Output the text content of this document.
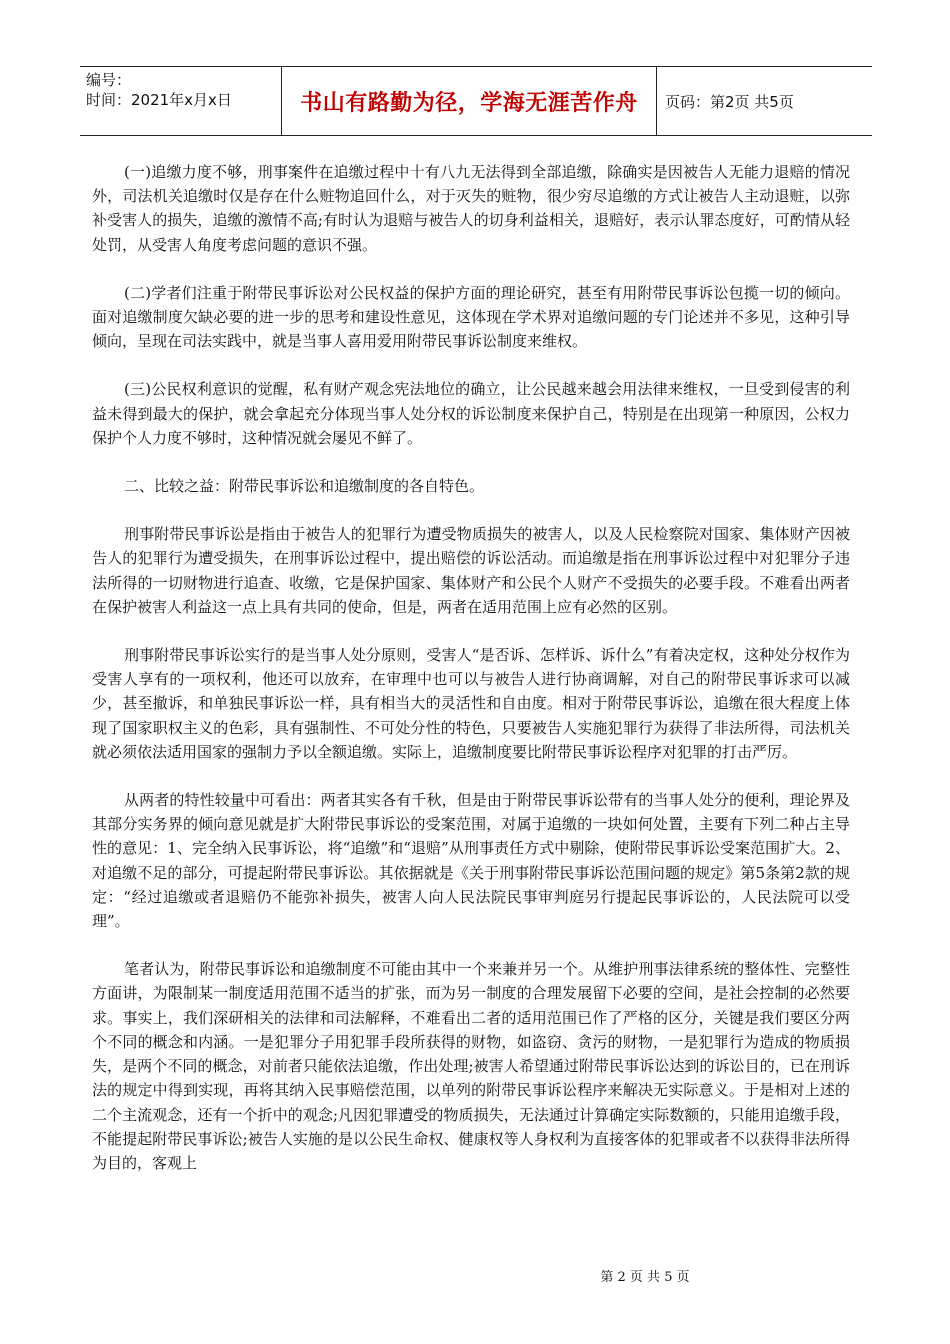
编号：
时间：2021年x月x日	书山有路勤为径，学海无涯苦作舟	页码：第2页 共5页

(一)追缴力度不够，刑事案件在追缴过程中十有八九无法得到全部追缴，除确实是因被告人无能力退赔的情况外，司法机关追缴时仅是存在什么赃物追回什么，对于灭失的赃物，很少穷尽追缴的方式让被告人主动退赃，以弥补受害人的损失，追缴的激情不高;有时认为退赔与被告人的切身利益相关，退赔好，表示认罪态度好，可酌情从轻处罚，从受害人角度考虑问题的意识不强。

(二)学者们注重于附带民事诉讼对公民权益的保护方面的理论研究，甚至有用附带民事诉讼包揽一切的倾向。面对追缴制度欠缺必要的进一步的思考和建设性意见，这体现在学术界对追缴问题的专门论述并不多见，这种引导倾向，呈现在司法实践中，就是当事人喜用爱用附带民事诉讼制度来维权。

(三)公民权利意识的觉醒，私有财产观念宪法地位的确立，让公民越来越会用法律来维权，一旦受到侵害的利益未得到最大的保护，就会拿起充分体现当事人处分权的诉讼制度来保护自己，特别是在出现第一种原因，公权力保护个人力度不够时，这种情况就会屡见不鲜了。

二、比较之益：附带民事诉讼和追缴制度的各自特色。

刑事附带民事诉讼是指由于被告人的犯罪行为遭受物质损失的被害人，以及人民检察院对国家、集体财产因被告人的犯罪行为遭受损失，在刑事诉讼过程中，提出赔偿的诉讼活动。而追缴是指在刑事诉讼过程中对犯罪分子违法所得的一切财物进行追查、收缴，它是保护国家、集体财产和公民个人财产不受损失的必要手段。不难看出两者在保护被害人利益这一点上具有共同的使命，但是，两者在适用范围上应有必然的区别。

刑事附带民事诉讼实行的是当事人处分原则，受害人“是否诉、怎样诉、诉什么”有着决定权，这种处分权作为受害人享有的一项权利，他还可以放弃，在审理中也可以与被告人进行协商调解，对自己的附带民事诉求可以减少，甚至撤诉，和单独民事诉讼一样，具有相当大的灵活性和自由度。相对于附带民事诉讼，追缴在很大程度上体现了国家职权主义的色彩，具有强制性、不可处分性的特色，只要被告人实施犯罪行为获得了非法所得，司法机关就必须依法适用国家的强制力予以全额追缴。实际上，追缴制度要比附带民事诉讼程序对犯罪的打击严厉。

从两者的特性较量中可看出：两者其实各有千秋，但是由于附带民事诉讼带有的当事人处分的便利，理论界及其部分实务界的倾向意见就是扩大附带民事诉讼的受案范围，对属于追缴的一块如何处置，主要有下列二种占主导性的意见：1、完全纳入民事诉讼，将“追缴”和“退赔”从刑事责任方式中剔除，使附带民事诉讼受案范围扩大。2、对追缴不足的部分，可提起附带民事诉讼。其依据就是《关于刑事附带民事诉讼范围问题的规定》第5条第2款的规定：“经过追缴或者退赔仍不能弥补损失，被害人向人民法院民事审判庭另行提起民事诉讼的，人民法院可以受理”。

笔者认为，附带民事诉讼和追缴制度不可能由其中一个来兼并另一个。从维护刑事法律系统的整体性、完整性方面讲，为限制某一制度适用范围不适当的扩张，而为另一制度的合理发展留下必要的空间，是社会控制的必然要求。事实上，我们深研相关的法律和司法解释，不难看出二者的适用范围已作了严格的区分，关键是我们要区分两个不同的概念和内涵。一是犯罪分子用犯罪手段所获得的财物，如盗窃、贪污的财物，一是犯罪行为造成的物质损失，是两个不同的概念，对前者只能依法追缴，作出处理;被害人希望通过附带民事诉讼达到的诉讼目的，已在刑诉法的规定中得到实现，再将其纳入民事赔偿范围，以单列的附带民事诉讼程序来解决无实际意义。于是相对上述的二个主流观念，还有一个折中的观念;凡因犯罪遭受的物质损失，无法通过计算确定实际数额的，只能用追缴手段，不能提起附带民事诉讼;被告人实施的是以公民生命权、健康权等人身权利为直接客体的犯罪或者不以获得非法所得为目的，客观上

第 2 页 共 5 页
